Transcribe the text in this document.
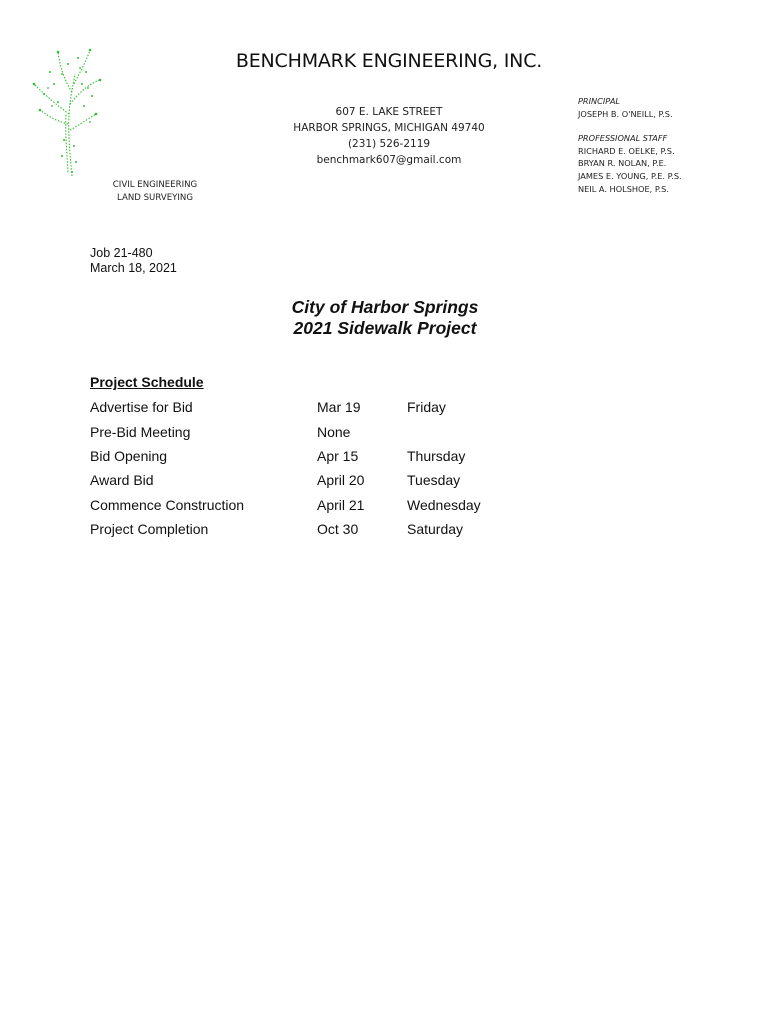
BENCHMARK ENGINEERING, INC.
607 E. LAKE STREET
HARBOR SPRINGS, MICHIGAN 49740
(231) 526-2119
benchmark607@gmail.com
CIVIL ENGINEERING
LAND SURVEYING
PRINCIPAL
JOSEPH B. O'NEILL, P.S.
PROFESSIONAL STAFF
RICHARD E. OELKE, P.S.
BRYAN R. NOLAN, P.E.
JAMES E. YOUNG, P.E. P.S.
NEIL A. HOLSHOE, P.S.
Job 21-480
March 18, 2021
City of Harbor Springs
2021 Sidewalk Project
Project Schedule
Advertise for Bid	Mar 19	Friday
Pre-Bid Meeting	None
Bid Opening	Apr 15	Thursday
Award Bid	April 20	Tuesday
Commence Construction	April 21	Wednesday
Project Completion	Oct 30	Saturday
